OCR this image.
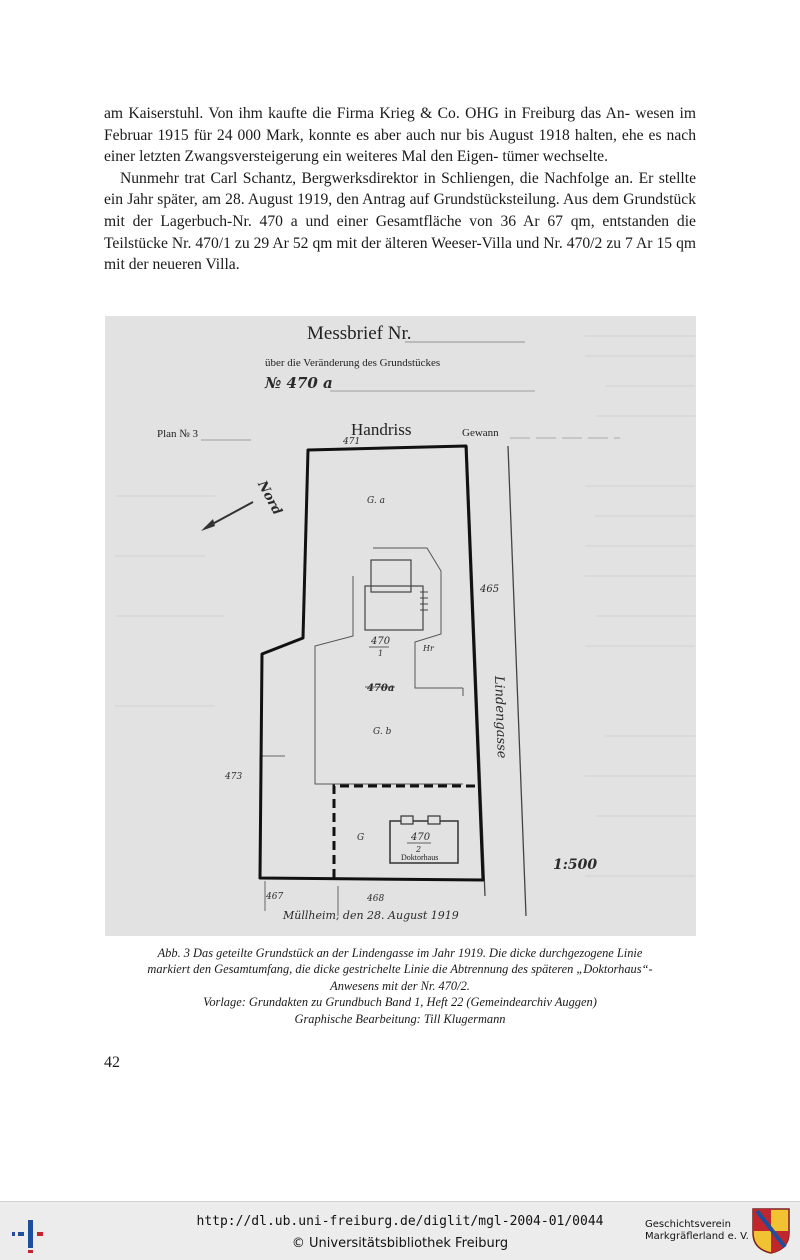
am Kaiserstuhl. Von ihm kaufte die Firma Krieg & Co. OHG in Freiburg das An- wesen im Februar 1915 für 24 000 Mark, konnte es aber auch nur bis August 1918 halten, ehe es nach einer letzten Zwangsversteigerung ein weiteres Mal den Eigen- tümer wechselte.

Nunmehr trat Carl Schantz, Bergwerksdirektor in Schliengen, die Nachfolge an. Er stellte ein Jahr später, am 28. August 1919, den Antrag auf Grundstücksteilung. Aus dem Grundstück mit der Lagerbuch-Nr. 470 a und einer Gesamtfläche von 36 Ar 67 qm, entstanden die Teilstücke Nr. 470/1 zu 29 Ar 52 qm mit der älteren Weeser-Villa und Nr. 470/2 zu 7 Ar 15 qm mit der neueren Villa.

Messbrief Nr.
über die Veränderung des Grundstückes
№ 470 a
Plan № 3	Handriss	Gewann
Nord
Lindengasse
471
G. a
465
470
1
Hr
470a
G. b
473
G	470
2
Doktorhaus
467	468
1:500
Müllheim, den 28. August 1919
Abb. 3 Das geteilte Grundstück an der Lindengasse im Jahr 1919. Die dicke durchgezogene Linie
markiert den Gesamtumfang, die dicke gestrichelte Linie die Abtrennung des späteren „Doktorhaus“-
Anwesens mit der Nr. 470/2.
Vorlage: Grundakten zu Grundbuch Band 1, Heft 22 (Gemeindearchiv Auggen)
Graphische Bearbeitung: Till Klugermann
42
http://dl.ub.uni-freiburg.de/diglit/mgl-2004-01/0044
© Universitätsbibliothek Freiburg
Geschichtsverein
Markgräflerland e. V.
